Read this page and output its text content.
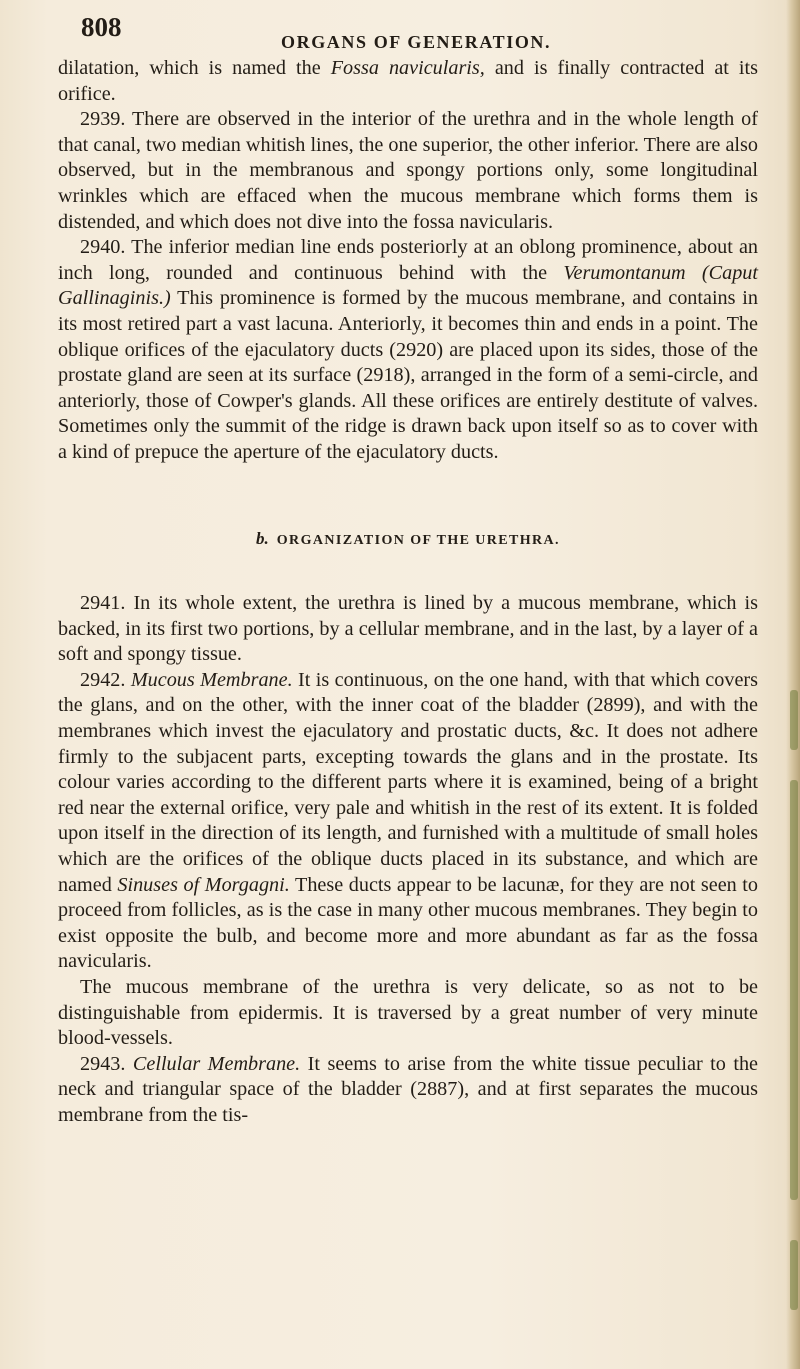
808	ORGANS OF GENERATION.

dilatation, which is named the Fossa navicularis, and is finally contracted at its orifice.

2939. There are observed in the interior of the urethra and in the whole length of that canal, two median whitish lines, the one superior, the other inferior. There are also observed, but in the membranous and spongy portions only, some longitudinal wrinkles which are effaced when the mucous membrane which forms them is distended, and which does not dive into the fossa navicularis.

2940. The inferior median line ends posteriorly at an oblong prominence, about an inch long, rounded and continuous behind with the Verumontanum (Caput Gallinaginis.) This prominence is formed by the mucous membrane, and contains in its most retired part a vast lacuna. Anteriorly, it becomes thin and ends in a point. The oblique orifices of the ejaculatory ducts (2920) are placed upon its sides, those of the prostate gland are seen at its surface (2918), arranged in the form of a semi-circle, and anteriorly, those of Cowper's glands. All these orifices are entirely destitute of valves. Sometimes only the summit of the ridge is drawn back upon itself so as to cover with a kind of prepuce the aperture of the ejaculatory ducts.

b. ORGANIZATION OF THE URETHRA.

2941. In its whole extent, the urethra is lined by a mucous membrane, which is backed, in its first two portions, by a cellular membrane, and in the last, by a layer of a soft and spongy tissue.

2942. Mucous Membrane. It is continuous, on the one hand, with that which covers the glans, and on the other, with the inner coat of the bladder (2899), and with the membranes which invest the ejaculatory and prostatic ducts, &c. It does not adhere firmly to the subjacent parts, excepting towards the glans and in the prostate. Its colour varies according to the different parts where it is examined, being of a bright red near the external orifice, very pale and whitish in the rest of its extent. It is folded upon itself in the direction of its length, and furnished with a multitude of small holes which are the orifices of the oblique ducts placed in its substance, and which are named Sinuses of Morgagni. These ducts appear to be lacunæ, for they are not seen to proceed from follicles, as is the case in many other mucous membranes. They begin to exist opposite the bulb, and become more and more abundant as far as the fossa navicularis.

The mucous membrane of the urethra is very delicate, so as not to be distinguishable from epidermis. It is traversed by a great number of very minute blood-vessels.

2943. Cellular Membrane. It seems to arise from the white tissue peculiar to the neck and triangular space of the bladder (2887), and at first separates the mucous membrane from the tis-
